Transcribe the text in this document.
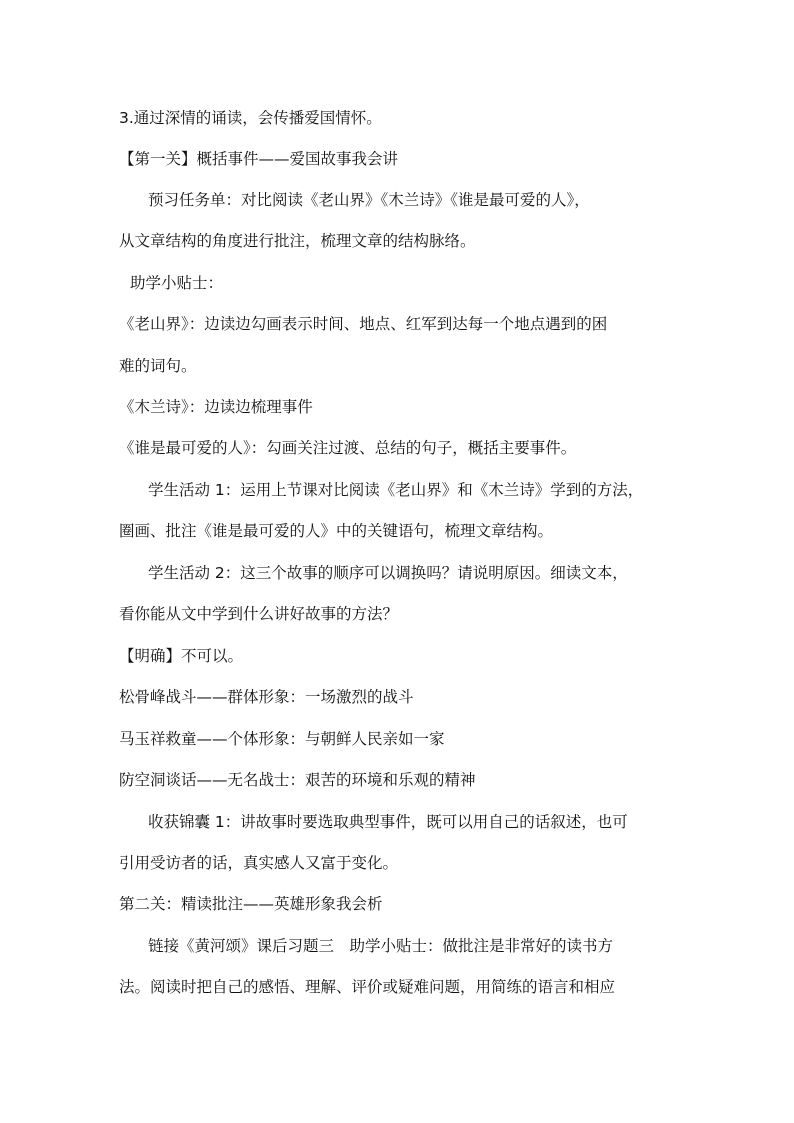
3.通过深情的诵读，会传播爱国情怀。
【第一关】概括事件——爱国故事我会讲
预习任务单：对比阅读《老山界》《木兰诗》《谁是最可爱的人》，
从文章结构的角度进行批注，梳理文章的结构脉络。
助学小贴士：
《老山界》：边读边勾画表示时间、地点、红军到达每一个地点遇到的困
难的词句。
《木兰诗》：边读边梳理事件
《谁是最可爱的人》：勾画关注过渡、总结的句子，概括主要事件。
学生活动 1：运用上节课对比阅读《老山界》和《木兰诗》学到的方法，
圈画、批注《谁是最可爱的人》中的关键语句，梳理文章结构。
学生活动 2：这三个故事的顺序可以调换吗？请说明原因。细读文本，
看你能从文中学到什么讲好故事的方法？
【明确】不可以。
松骨峰战斗——群体形象：一场激烈的战斗
马玉祥救童——个体形象：与朝鲜人民亲如一家
防空洞谈话——无名战士：艰苦的环境和乐观的精神
收获锦囊 1：讲故事时要选取典型事件，既可以用自己的话叙述，也可
引用受访者的话，真实感人又富于变化。
第二关：精读批注——英雄形象我会析
链接《黄河颂》课后习题三　助学小贴士：做批注是非常好的读书方
法。阅读时把自己的感悟、理解、评价或疑难问题，用简练的语言和相应
